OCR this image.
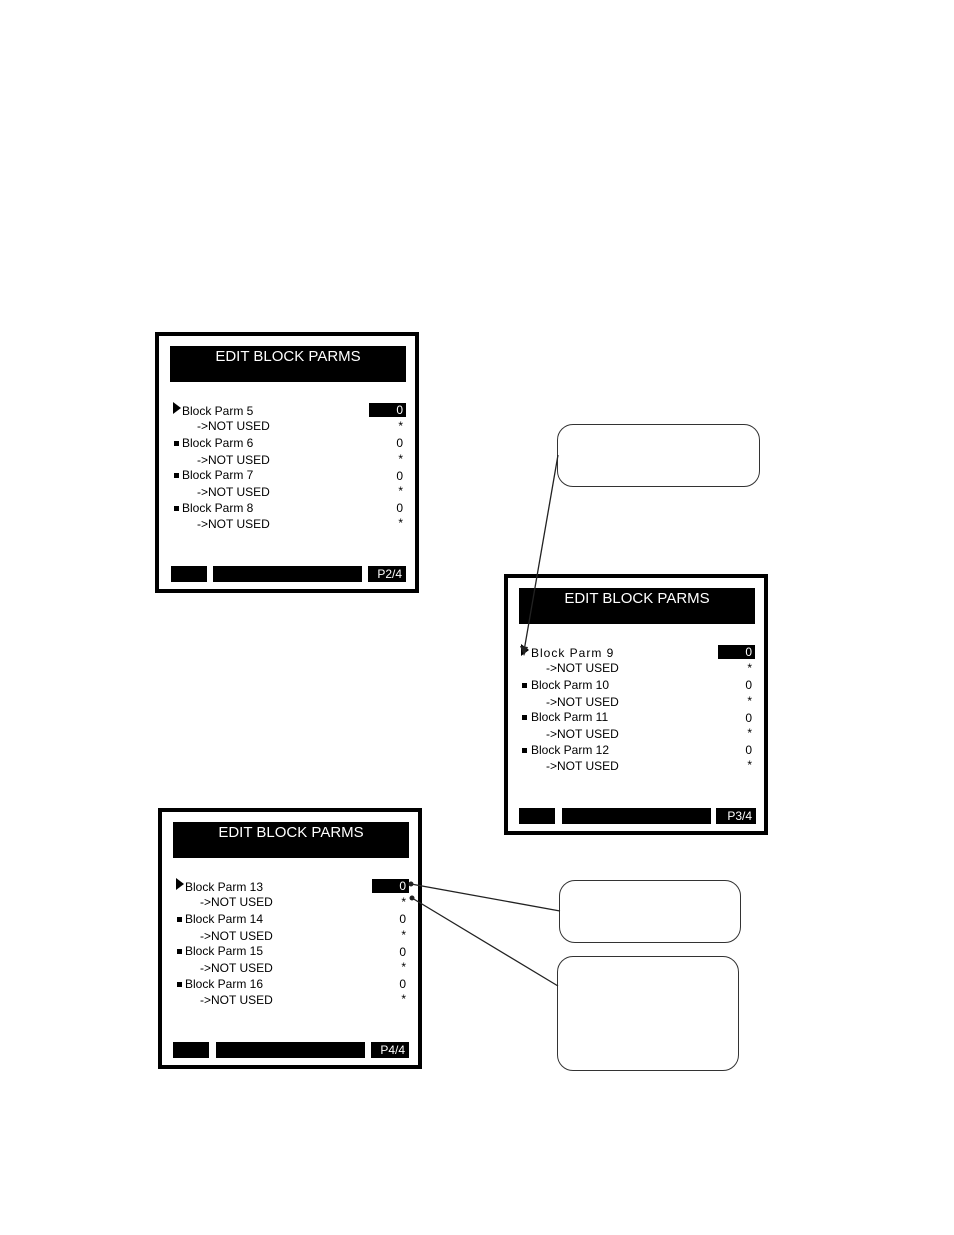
EDIT BLOCK PARMS
Block Parm 5	0
->NOT USED	*
Block Parm 6	0
->NOT USED	*
Block Parm 7	0
->NOT USED	*
Block Parm 8	0
->NOT USED	*
P2/4
EDIT BLOCK PARMS
Block Parm 9	0
->NOT USED	*
Block Parm 10	0
->NOT USED	*
Block Parm 11	0
->NOT USED	*
Block Parm 12	0
->NOT USED	*
P3/4
EDIT BLOCK PARMS
Block Parm 13	0
->NOT USED	*
Block Parm 14	0
->NOT USED	*
Block Parm 15	0
->NOT USED	*
Block Parm 16	0
->NOT USED	*
P4/4
